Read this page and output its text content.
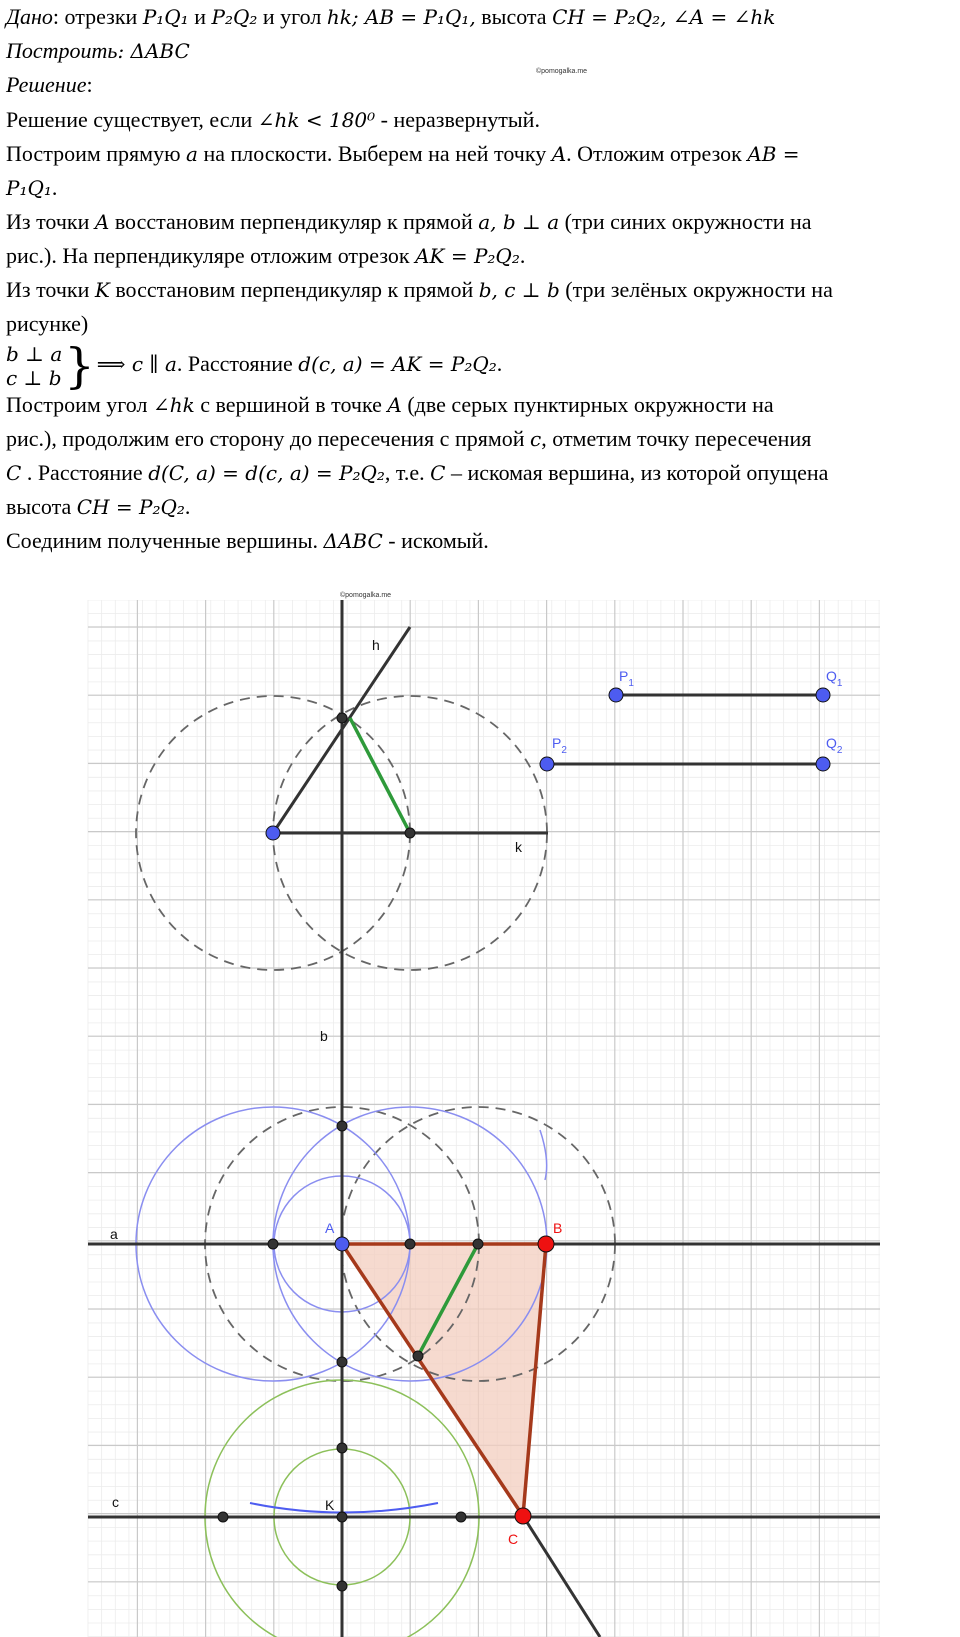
Дано: отрезки P₁Q₁ и P₂Q₂ и угол hk; AB = P₁Q₁, высота CH = P₂Q₂, ∠A = ∠hk
Построить: ΔABC
Решение:
Решение существует, если ∠hk < 180⁰ - неразвернутый.
Построим прямую a на плоскости. Выберем на ней точку A. Отложим отрезок AB =
P₁Q₁.
Из точки A восстановим перпендикуляр к прямой a, b ⊥ a (три синих окружности на
рис.). На перпендикуляре отложим отрезок AK = P₂Q₂.
Из точки K восстановим перпендикуляр к прямой b, c ⊥ b (три зелёных окружности на
рисунке)
b ⊥ a
c ⊥ b } ⟹ c ∥ a. Расстояние d(c, a) = AK = P₂Q₂.
Построим угол ∠hk с вершиной в точке A (две серых пунктирных окружности на
рис.), продолжим его сторону до пересечения с прямой c, отметим точку пересечения
C . Расстояние d(C, a) = d(c, a) = P₂Q₂, т.е. C – искомая вершина, из которой опущена
высота CH = P₂Q₂.
Соединим полученные вершины. ΔABC - искомый.
©pomogalka.me
©pomogalka.me
h
k
b
a
c	K
A	B
C
$P_1$	$Q_1$
$P_2$	$Q_2$
